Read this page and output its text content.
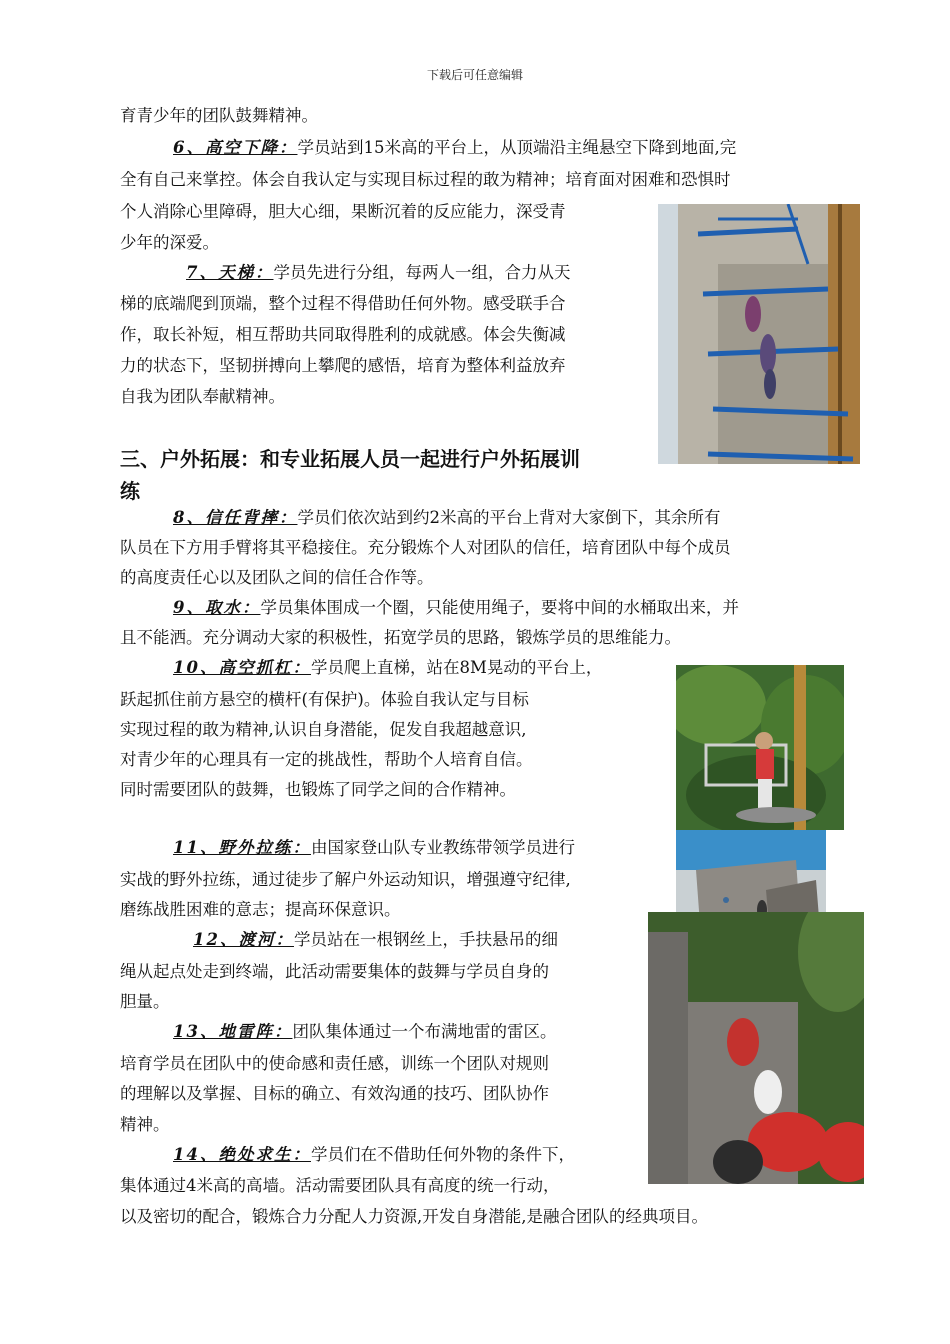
下载后可任意编辑
育青少年的团队鼓舞精神。
6、高空下降：学员站到15米高的平台上，从顶端沿主绳悬空下降到地面,完
全有自己来掌控。体会自我认定与实现目标过程的敢为精神；培育面对困难和恐惧时
个人消除心里障碍，胆大心细，果断沉着的反应能力，深受青
少年的深爱。
7、天梯：学员先进行分组，每两人一组，合力从天
梯的底端爬到顶端，整个过程不得借助任何外物。感受联手合
作，取长补短，相互帮助共同取得胜利的成就感。体会失衡减
力的状态下，坚韧拼搏向上攀爬的感悟，培育为整体利益放弃
自我为团队奉献精神。
三、户外拓展：和专业拓展人员一起进行户外拓展训
练
8、信任背摔：学员们依次站到约2米高的平台上背对大家倒下，其余所有
队员在下方用手臂将其平稳接住。充分锻炼个人对团队的信任，培育团队中每个成员
的高度责任心以及团队之间的信任合作等。
9、取水：学员集体围成一个圈，只能使用绳子，要将中间的水桶取出来，并
且不能洒。充分调动大家的积极性，拓宽学员的思路，锻炼学员的思维能力。
10、高空抓杠：学员爬上直梯，站在8M晃动的平台上，
跃起抓住前方悬空的横杆(有保护)。体验自我认定与目标
实现过程的敢为精神,认识自身潜能，促发自我超越意识,
对青少年的心理具有一定的挑战性，帮助个人培育自信。
同时需要团队的鼓舞，也锻炼了同学之间的合作精神。
11、野外拉练：由国家登山队专业教练带领学员进行
实战的野外拉练，通过徒步了解户外运动知识，增强遵守纪律,
磨练战胜困难的意志；提高环保意识。
12、渡河：学员站在一根钢丝上，手扶悬吊的细
绳从起点处走到终端，此活动需要集体的鼓舞与学员自身的
胆量。
13、地雷阵：团队集体通过一个布满地雷的雷区。
培育学员在团队中的使命感和责任感，训练一个团队对规则
的理解以及掌握、目标的确立、有效沟通的技巧、团队协作
精神。
14、绝处求生：学员们在不借助任何外物的条件下，
集体通过4米高的高墙。活动需要团队具有高度的统一行动，
以及密切的配合，锻炼合力分配人力资源,开发自身潜能,是融合团队的经典项目。
